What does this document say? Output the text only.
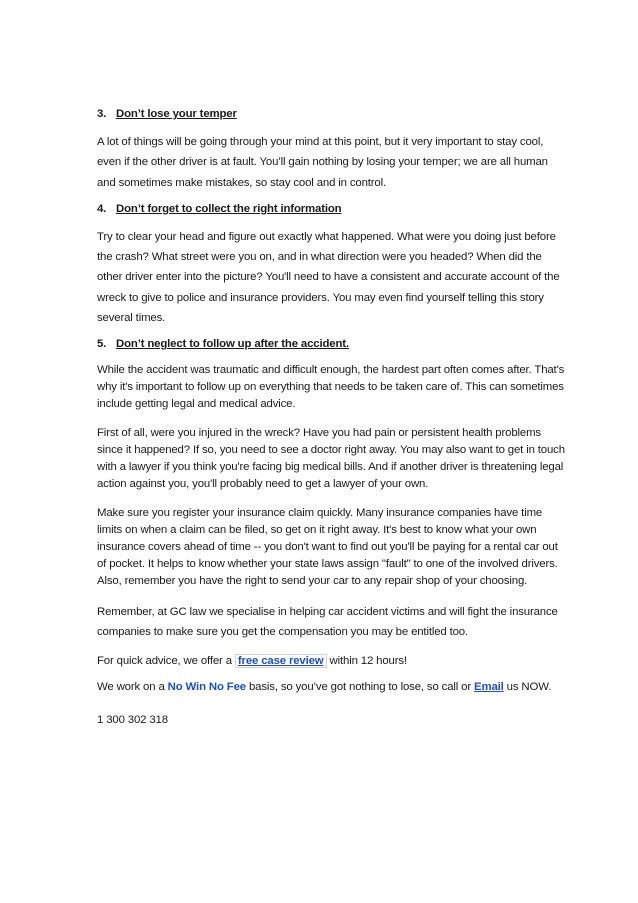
3. Don’t lose your temper

A lot of things will be going through your mind at this point, but it very important to stay cool, even if the other driver is at fault. You’ll gain nothing by losing your temper; we are all human and sometimes make mistakes, so stay cool and in control.

4. Don’t forget to collect the right information

Try to clear your head and figure out exactly what happened. What were you doing just before the crash? What street were you on, and in what direction were you headed? When did the other driver enter into the picture? You'll need to have a consistent and accurate account of the wreck to give to police and insurance providers. You may even find yourself telling this story several times.

5. Don’t neglect to follow up after the accident.

While the accident was traumatic and difficult enough, the hardest part often comes after. That's why it's important to follow up on everything that needs to be taken care of. This can sometimes include getting legal and medical advice.

First of all, were you injured in the wreck? Have you had pain or persistent health problems since it happened? If so, you need to see a doctor right away. You may also want to get in touch with a lawyer if you think you're facing big medical bills. And if another driver is threatening legal action against you, you'll probably need to get a lawyer of your own.

Make sure you register your insurance claim quickly. Many insurance companies have time limits on when a claim can be filed, so get on it right away. It's best to know what your own insurance covers ahead of time -- you don't want to find out you'll be paying for a rental car out of pocket. It helps to know whether your state laws assign "fault" to one of the involved drivers. Also, remember you have the right to send your car to any repair shop of your choosing.

Remember, at GC law we specialise in helping car accident victims and will fight the insurance companies to make sure you get the compensation you may be entitled too.

For quick advice, we offer a free case review within 12 hours!

We work on a No Win No Fee basis, so you’ve got nothing to lose, so call or Email us NOW.

1 300 302 318
